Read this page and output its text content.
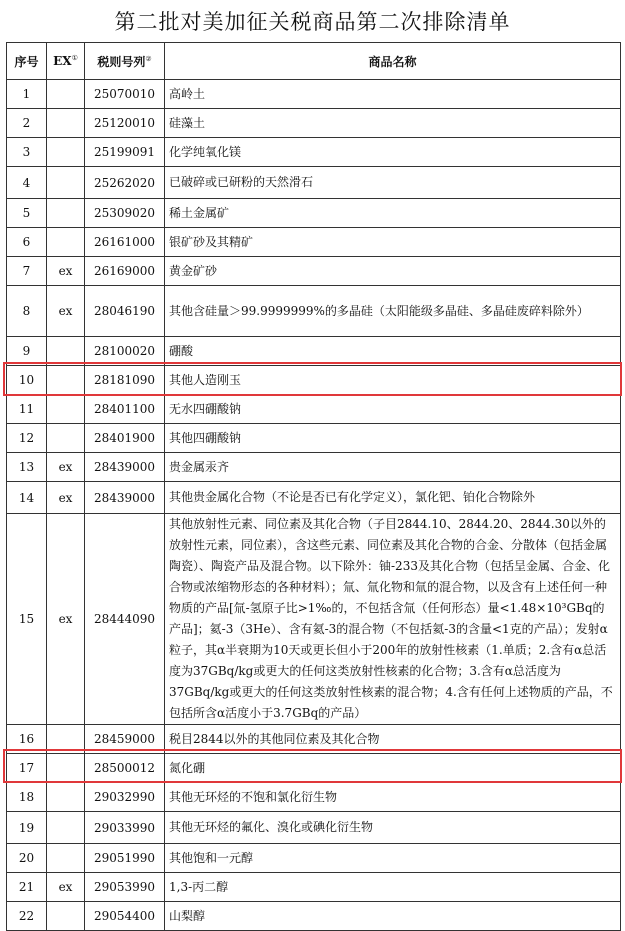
第二批对美加征关税商品第二次排除清单
序号	EX①	税则号列②	商品名称
1		25070010	高岭土
2		25120010	硅藻土
3		25199091	化学纯氧化镁
4		25262020	已破碎或已研粉的天然滑石
5		25309020	稀土金属矿
6		26161000	银矿砂及其精矿
7	ex	26169000	黄金矿砂
8	ex	28046190	其他含硅量＞99.9999999%的多晶硅（太阳能级多晶硅、多晶硅废碎料除外）
9		28100020	硼酸
10		28181090	其他人造刚玉
11		28401100	无水四硼酸钠
12		28401900	其他四硼酸钠
13	ex	28439000	贵金属汞齐
14	ex	28439000	其他贵金属化合物（不论是否已有化学定义），氯化钯、铂化合物除外
15	ex	28444090	其他放射性元素、同位素及其化合物（子目2844.10、2844.20、2844.30以外的放射性元素，同位素），含这些元素、同位素及其化合物的合金、分散体（包括金属陶瓷）、陶瓷产品及混合物。以下除外：铀-233及其化合物（包括呈金属、合金、化合物或浓缩物形态的各种材料）；氚、氚化物和氚的混合物，以及含有上述任何一种物质的产品[氚-氢原子比>1‰的，不包括含氚（任何形态）量<1.48×10³GBq的产品]；氦-3（3He）、含有氦-3的混合物（不包括氦-3的含量<1克的产品）；发射α粒子，其α半衰期为10天或更长但小于200年的放射性核素（1.单质；2.含有α总活度为37GBq/kg或更大的任何这类放射性核素的化合物；3.含有α总活度为37GBq/kg或更大的任何这类放射性核素的混合物；4.含有任何上述物质的产品，不包括所含α活度小于3.7GBq的产品）
16		28459000	税目2844以外的其他同位素及其化合物
17		28500012	氮化硼
18		29032990	其他无环烃的不饱和氯化衍生物
19		29033990	其他无环烃的氟化、溴化或碘化衍生物
20		29051990	其他饱和一元醇
21	ex	29053990	1,3-丙二醇
22		29054400	山梨醇
